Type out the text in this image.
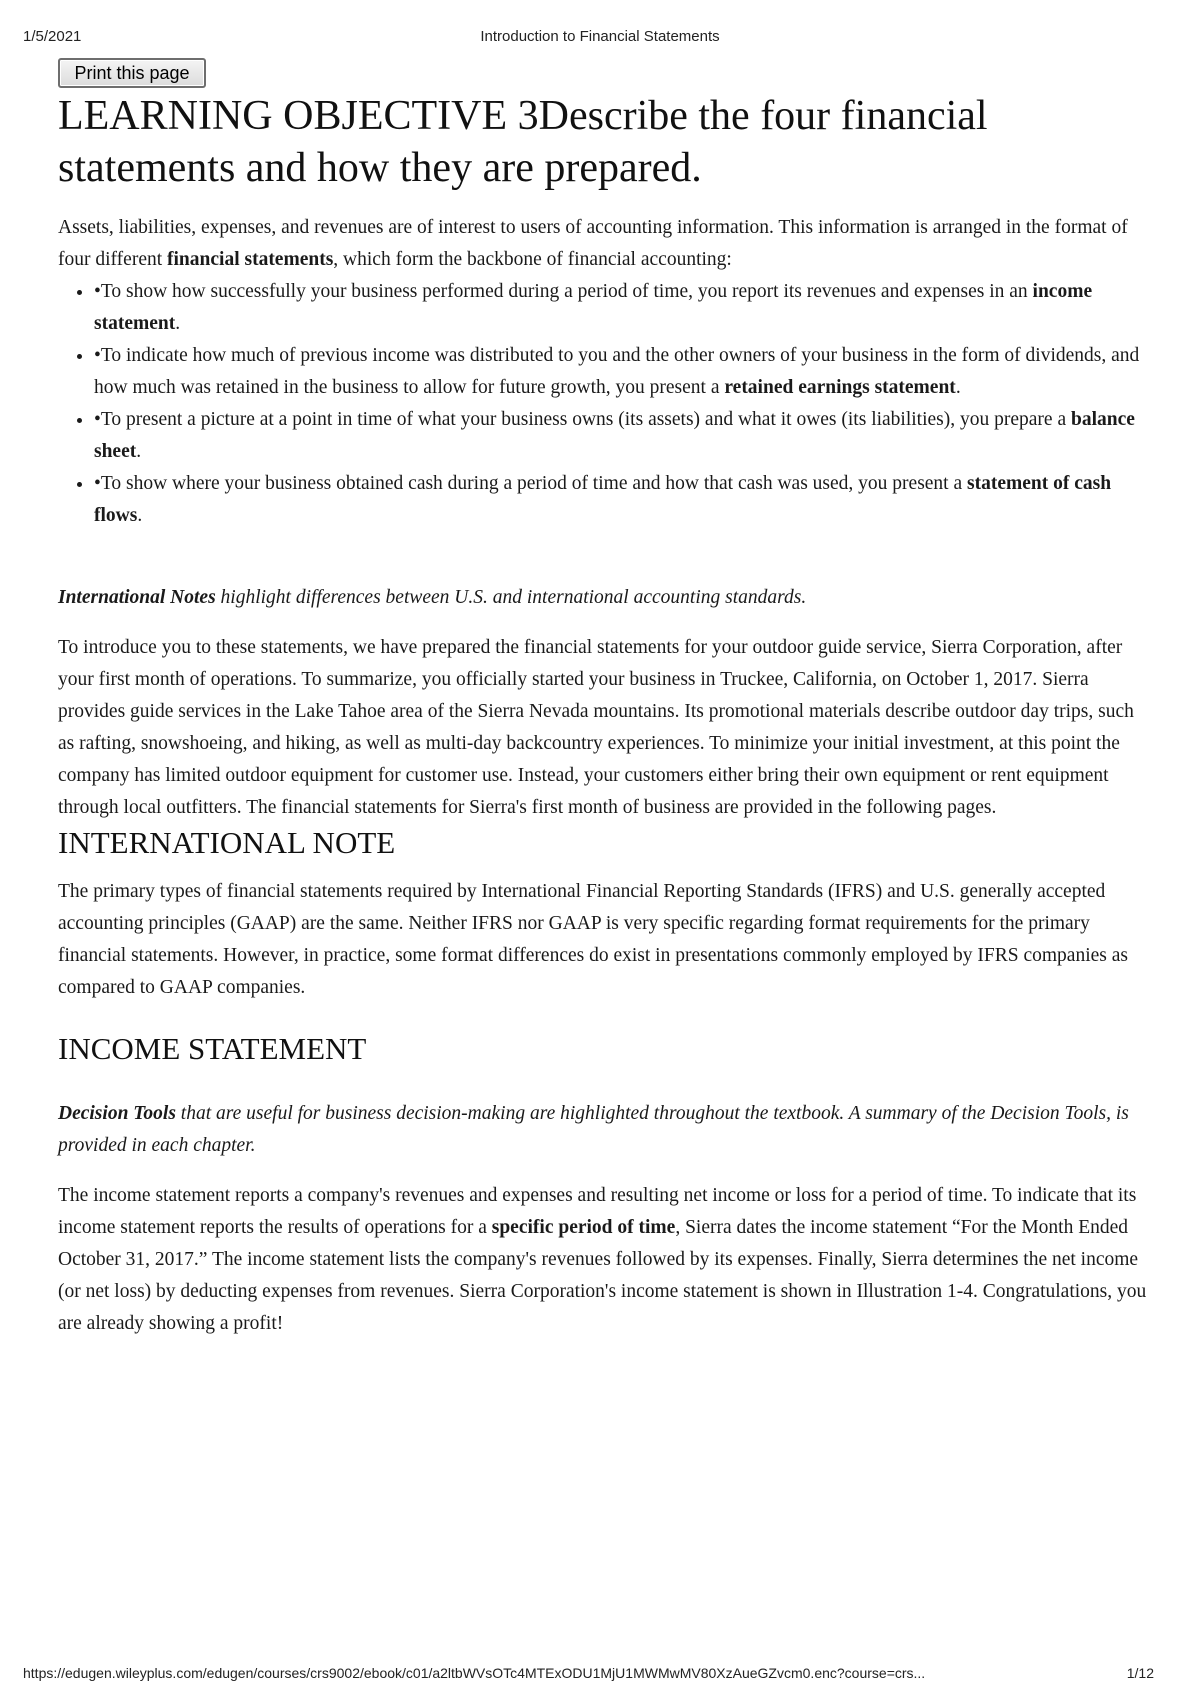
1/5/2021	Introduction to Financial Statements
Print this page
LEARNING OBJECTIVE 3Describe the four financial statements and how they are prepared.

Assets, liabilities, expenses, and revenues are of interest to users of accounting information. This information is arranged in the format of four different financial statements, which form the backbone of financial accounting:

• •To show how successfully your business performed during a period of time, you report its revenues and expenses in an income statement.
• •To indicate how much of previous income was distributed to you and the other owners of your business in the form of dividends, and how much was retained in the business to allow for future growth, you present a retained earnings statement.
• •To present a picture at a point in time of what your business owns (its assets) and what it owes (its liabilities), you prepare a balance sheet.
• •To show where your business obtained cash during a period of time and how that cash was used, you present a statement of cash flows.

International Notes highlight differences between U.S. and international accounting standards.

To introduce you to these statements, we have prepared the financial statements for your outdoor guide service, Sierra Corporation, after your first month of operations. To summarize, you officially started your business in Truckee, California, on October 1, 2017. Sierra provides guide services in the Lake Tahoe area of the Sierra Nevada mountains. Its promotional materials describe outdoor day trips, such as rafting, snowshoeing, and hiking, as well as multi-day backcountry experiences. To minimize your initial investment, at this point the company has limited outdoor equipment for customer use. Instead, your customers either bring their own equipment or rent equipment through local outfitters. The financial statements for Sierra's first month of business are provided in the following pages.

INTERNATIONAL NOTE

The primary types of financial statements required by International Financial Reporting Standards (IFRS) and U.S. generally accepted accounting principles (GAAP) are the same. Neither IFRS nor GAAP is very specific regarding format requirements for the primary financial statements. However, in practice, some format differences do exist in presentations commonly employed by IFRS companies as compared to GAAP companies.

INCOME STATEMENT

Decision Tools that are useful for business decision-making are highlighted throughout the textbook. A summary of the Decision Tools, is provided in each chapter.

The income statement reports a company's revenues and expenses and resulting net income or loss for a period of time. To indicate that its income statement reports the results of operations for a specific period of time, Sierra dates the income statement “For the Month Ended October 31, 2017.” The income statement lists the company's revenues followed by its expenses. Finally, Sierra determines the net income (or net loss) by deducting expenses from revenues. Sierra Corporation's income statement is shown in Illustration 1-4. Congratulations, you are already showing a profit!

https://edugen.wileyplus.com/edugen/courses/crs9002/ebook/c01/a2ltbWVsOTc4MTExODU1MjU1MWMwMV80XzAueGZvcm0.enc?course=crs...	1/12
